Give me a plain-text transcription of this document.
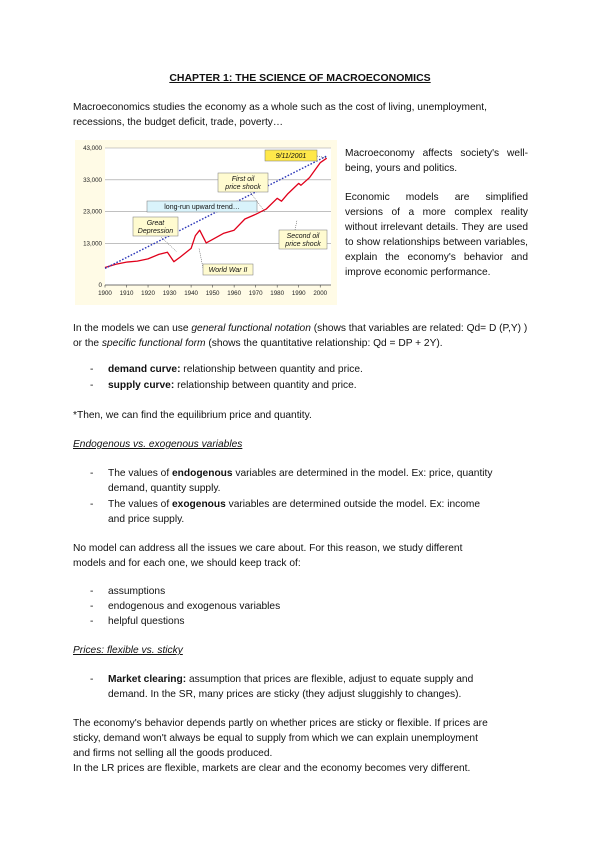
CHAPTER 1: THE SCIENCE OF MACROECONOMICS
Macroeconomics studies the economy as a whole such as the cost of living, unemployment, recessions, the budget deficit, trade, poverty…
0
13,000
23,000
33,000
43,000
1900 1910 1920 1930 1940 1950 1960 1970 1980 1990 2000
9/11/2001
First oil
price shock
long-run upward trend…
Great
Depression
Second oil
price shock
World War II
Macroeconomy affects society's well-being, yours and politics.
Economic models are simplified versions of a more complex reality without irrelevant details. They are used to show relationships between variables, explain the economy's behavior and improve economic performance.
In the models we can use general functional notation (shows that variables are related: Qd= D (P,Y) ) or the specific functional form (shows the quantitative relationship: Qd = DP + 2Y).
- demand curve: relationship between quantity and price.
- supply curve: relationship between quantity and price.
*Then, we can find the equilibrium price and quantity.
Endogenous vs. exogenous variables
- The values of endogenous variables are determined in the model. Ex: price, quantity
demand, quantity supply.
- The values of exogenous variables are determined outside the model. Ex: income
and price supply.
No model can address all the issues we care about. For this reason, we study different
models and for each one, we should keep track of:
- assumptions
- endogenous and exogenous variables
- helpful questions
Prices: flexible vs. sticky
- Market clearing: assumption that prices are flexible, adjust to equate supply and
demand. In the SR, many prices are sticky (they adjust sluggishly to changes).
The economy's behavior depends partly on whether prices are sticky or flexible. If prices are
sticky, demand won't always be equal to supply from which we can explain unemployment
and firms not selling all the goods produced.
In the LR prices are flexible, markets are clear and the economy becomes very different.
